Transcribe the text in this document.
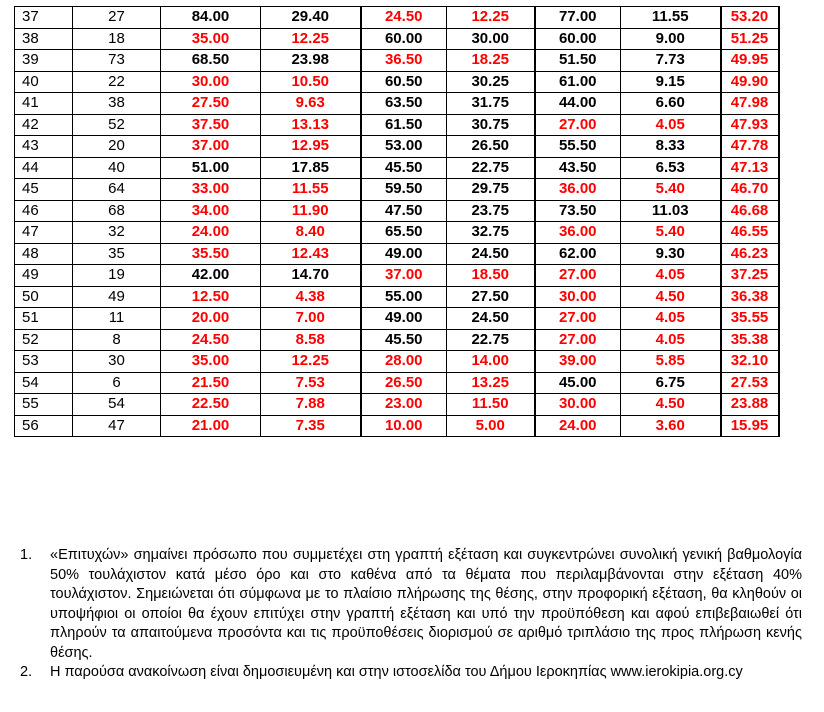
37	27	84.00	29.40	24.50	12.25	77.00	11.55	53.20
38	18	35.00	12.25	60.00	30.00	60.00	9.00	51.25
39	73	68.50	23.98	36.50	18.25	51.50	7.73	49.95
40	22	30.00	10.50	60.50	30.25	61.00	9.15	49.90
41	38	27.50	9.63	63.50	31.75	44.00	6.60	47.98
42	52	37.50	13.13	61.50	30.75	27.00	4.05	47.93
43	20	37.00	12.95	53.00	26.50	55.50	8.33	47.78
44	40	51.00	17.85	45.50	22.75	43.50	6.53	47.13
45	64	33.00	11.55	59.50	29.75	36.00	5.40	46.70
46	68	34.00	11.90	47.50	23.75	73.50	11.03	46.68
47	32	24.00	8.40	65.50	32.75	36.00	5.40	46.55
48	35	35.50	12.43	49.00	24.50	62.00	9.30	46.23
49	19	42.00	14.70	37.00	18.50	27.00	4.05	37.25
50	49	12.50	4.38	55.00	27.50	30.00	4.50	36.38
51	11	20.00	7.00	49.00	24.50	27.00	4.05	35.55
52	8	24.50	8.58	45.50	22.75	27.00	4.05	35.38
53	30	35.00	12.25	28.00	14.00	39.00	5.85	32.10
54	6	21.50	7.53	26.50	13.25	45.00	6.75	27.53
55	54	22.50	7.88	23.00	11.50	30.00	4.50	23.88
56	47	21.00	7.35	10.00	5.00	24.00	3.60	15.95
1.	«Επιτυχών» σημαίνει πρόσωπο που συμμετέχει στη γραπτή εξέταση και συγκεντρώνει συνολική γενική βαθμολογία 50% τουλάχιστον κατά μέσο όρο και στο καθένα από τα θέματα που περιλαμβάνονται στην εξέταση 40% τουλάχιστον. Σημειώνεται ότι σύμφωνα με το πλαίσιο πλήρωσης της θέσης, στην προφορική εξέταση, θα κληθούν οι υποψήφιοι οι οποίοι θα έχουν επιτύχει στην γραπτή εξέταση και υπό την προϋπόθεση και αφού επιβεβαιωθεί ότι πληρούν τα απαιτούμενα προσόντα και τις προϋποθέσεις διορισμού σε αριθμό τριπλάσιο της προς πλήρωση κενής θέσης.
2.	Η παρούσα ανακοίνωση είναι δημοσιευμένη και στην ιστοσελίδα του Δήμου Ιεροκηπίας www.ierokipia.org.cy
